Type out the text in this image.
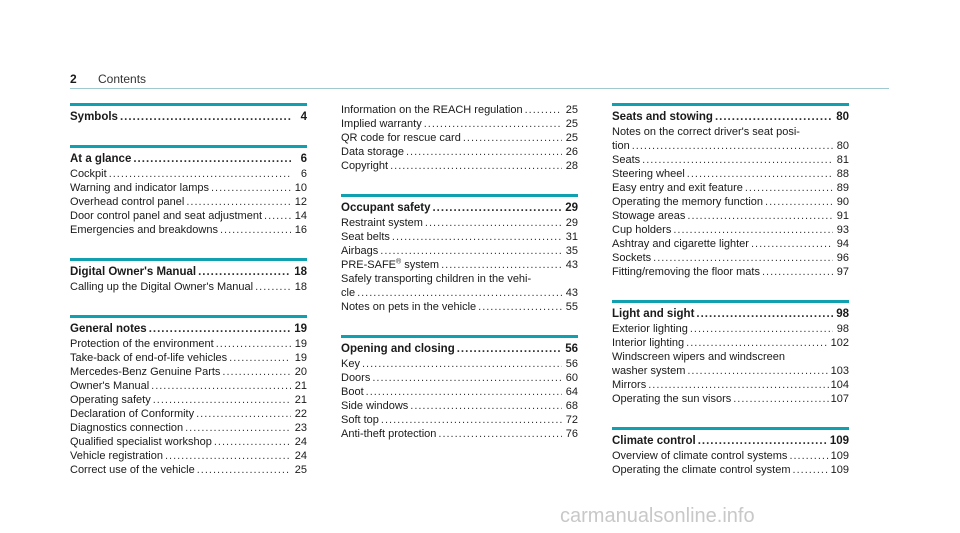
2	Contents
Symbols .....	4
At a glance .....	6
Cockpit .....	6
Warning and indicator lamps .....	10
Overhead control panel .....	12
Door control panel and seat adjustment .....	14
Emergencies and breakdowns .....	16
Digital Owner's Manual .....	18
Calling up the Digital Owner's Manual .....	18
General notes .....	19
Protection of the environment .....	19
Take-back of end-of-life vehicles .....	19
Mercedes-Benz Genuine Parts .....	20
Owner's Manual .....	21
Operating safety .....	21
Declaration of Conformity .....	22
Diagnostics connection .....	23
Qualified specialist workshop .....	24
Vehicle registration .....	24
Correct use of the vehicle .....	25
Information on the REACH regulation .....	25
Implied warranty .....	25
QR code for rescue card .....	25
Data storage .....	26
Copyright .....	28
Occupant safety .....	29
Restraint system .....	29
Seat belts .....	31
Airbags .....	35
PRE-SAFE® system .....	43
Safely transporting children in the vehi-
cle .....	43
Notes on pets in the vehicle .....	55
Opening and closing .....	56
Key .....	56
Doors .....	60
Boot .....	64
Side windows .....	68
Soft top .....	72
Anti-theft protection .....	76
Seats and stowing .....	80
Notes on the correct driver's seat posi-
tion .....	80
Seats .....	81
Steering wheel .....	88
Easy entry and exit feature .....	89
Operating the memory function .....	90
Stowage areas .....	91
Cup holders .....	93
Ashtray and cigarette lighter .....	94
Sockets .....	96
Fitting/removing the floor mats .....	97
Light and sight .....	98
Exterior lighting .....	98
Interior lighting .....	102
Windscreen wipers and windscreen
washer system .....	103
Mirrors .....	104
Operating the sun visors .....	107
Climate control .....	109
Overview of climate control systems .....	109
Operating the climate control system .....	109
carmanualsonline.info
